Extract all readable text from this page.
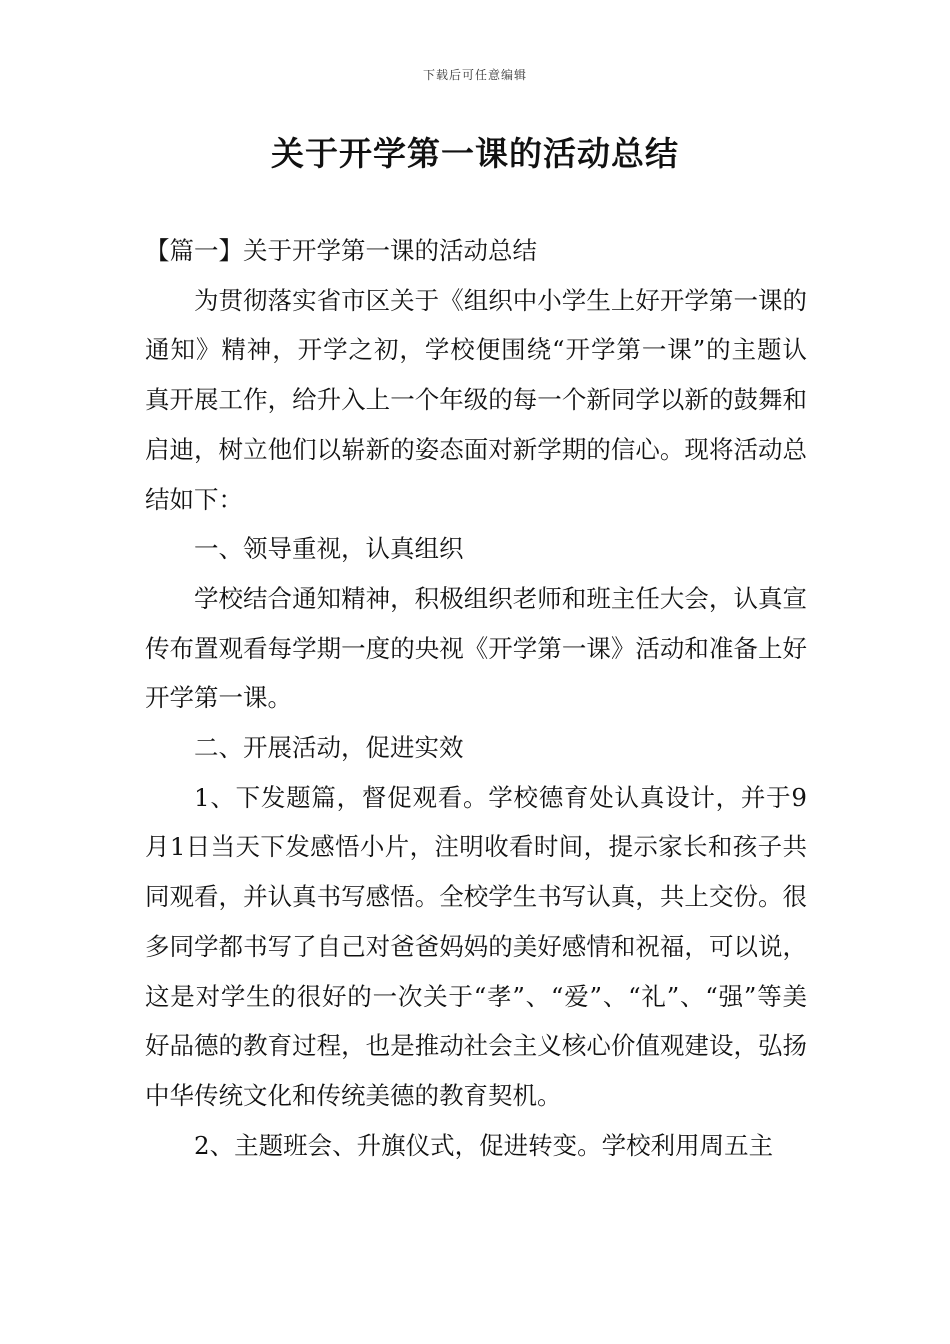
下载后可任意编辑
关于开学第一课的活动总结

【篇一】关于开学第一课的活动总结

为贯彻落实省市区关于《组织中小学生上好开学第一课的通知》精神，开学之初，学校便围绕“开学第一课”的主题认真开展工作，给升入上一个年级的每一个新同学以新的鼓舞和启迪，树立他们以崭新的姿态面对新学期的信心。现将活动总结如下：

一、领导重视，认真组织

学校结合通知精神，积极组织老师和班主任大会，认真宣传布置观看每学期一度的央视《开学第一课》活动和准备上好开学第一课。

二、开展活动，促进实效

1、下发题篇，督促观看。学校德育处认真设计，并于9月1日当天下发感悟小片，注明收看时间，提示家长和孩子共同观看，并认真书写感悟。全校学生书写认真，共上交份。很多同学都书写了自己对爸爸妈妈的美好感情和祝福，可以说，这是对学生的很好的一次关于“孝”、“爱”、“礼”、“强”等美好品德的教育过程，也是推动社会主义核心价值观建设，弘扬中华传统文化和传统美德的教育契机。

2、主题班会、升旗仪式，促进转变。学校利用周五主
